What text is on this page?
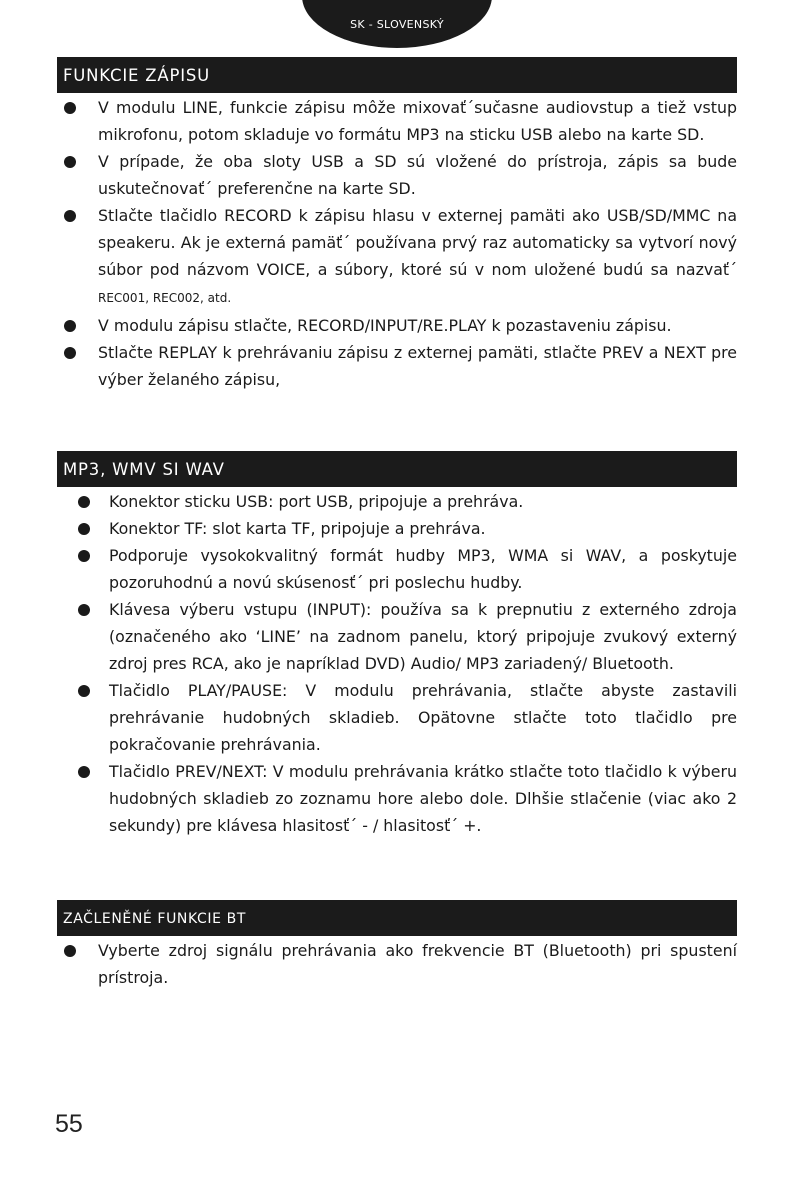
SK - SLOVENSKÝ
FUNKCIE ZÁPISU
V modulu LINE, funkcie zápisu môže mixovať´sučasne audiovstup a tiež vstup mikrofonu, potom skladuje vo formátu MP3 na sticku USB alebo na karte SD.
V prípade, že oba sloty USB a SD sú vložené do prístroja, zápis sa bude uskutečnovať´ preferenčne na karte SD.
Stlačte tlačidlo RECORD k zápisu hlasu v externej pamäti ako USB/SD/MMC na speakeru. Ak je externá pamäť´ používana prvý raz automaticky sa vytvorí nový súbor pod názvom VOICE, a súbory, ktoré sú v nom uložené budú sa nazvať´ REC001, REC002, atd.
V modulu zápisu stlačte, RECORD/INPUT/RE.PLAY k pozastaveniu zápisu.
Stlačte REPLAY k prehrávaniu zápisu z externej pamäti, stlačte PREV a NEXT pre výber želaného zápisu,
MP3, WMV SI WAV
Konektor sticku USB: port USB, pripojuje a prehráva.
Konektor TF: slot karta TF, pripojuje a prehráva.
Podporuje vysokokvalitný formát hudby MP3, WMA si WAV, a poskytuje pozoruhodnú a novú skúsenosť´ pri poslechu hudby.
Klávesa výberu vstupu (INPUT): používa sa k prepnutiu z externého zdroja (označeného ako ‘LINE’ na zadnom panelu, ktorý pripojuje zvukový externý zdroj pres RCA, ako je napríklad DVD) Audio/ MP3 zariadený/ Bluetooth.
Tlačidlo PLAY/PAUSE: V modulu prehrávania, stlačte abyste zastavili prehrávanie hudobných skladieb. Opätovne stlačte toto tlačidlo pre pokračovanie prehrávania.
Tlačidlo PREV/NEXT: V modulu prehrávania krátko stlačte toto tlačidlo k výberu hudobných skladieb zo zoznamu hore alebo dole. Dlhšie stlačenie (viac ako 2 sekundy) pre klávesa hlasitosť´ - / hlasitosť´ +.
ZAČLENĚNÉ FUNKCIE BT
Vyberte zdroj signálu prehrávania ako frekvencie BT (Bluetooth) pri spustení prístroja.
55
